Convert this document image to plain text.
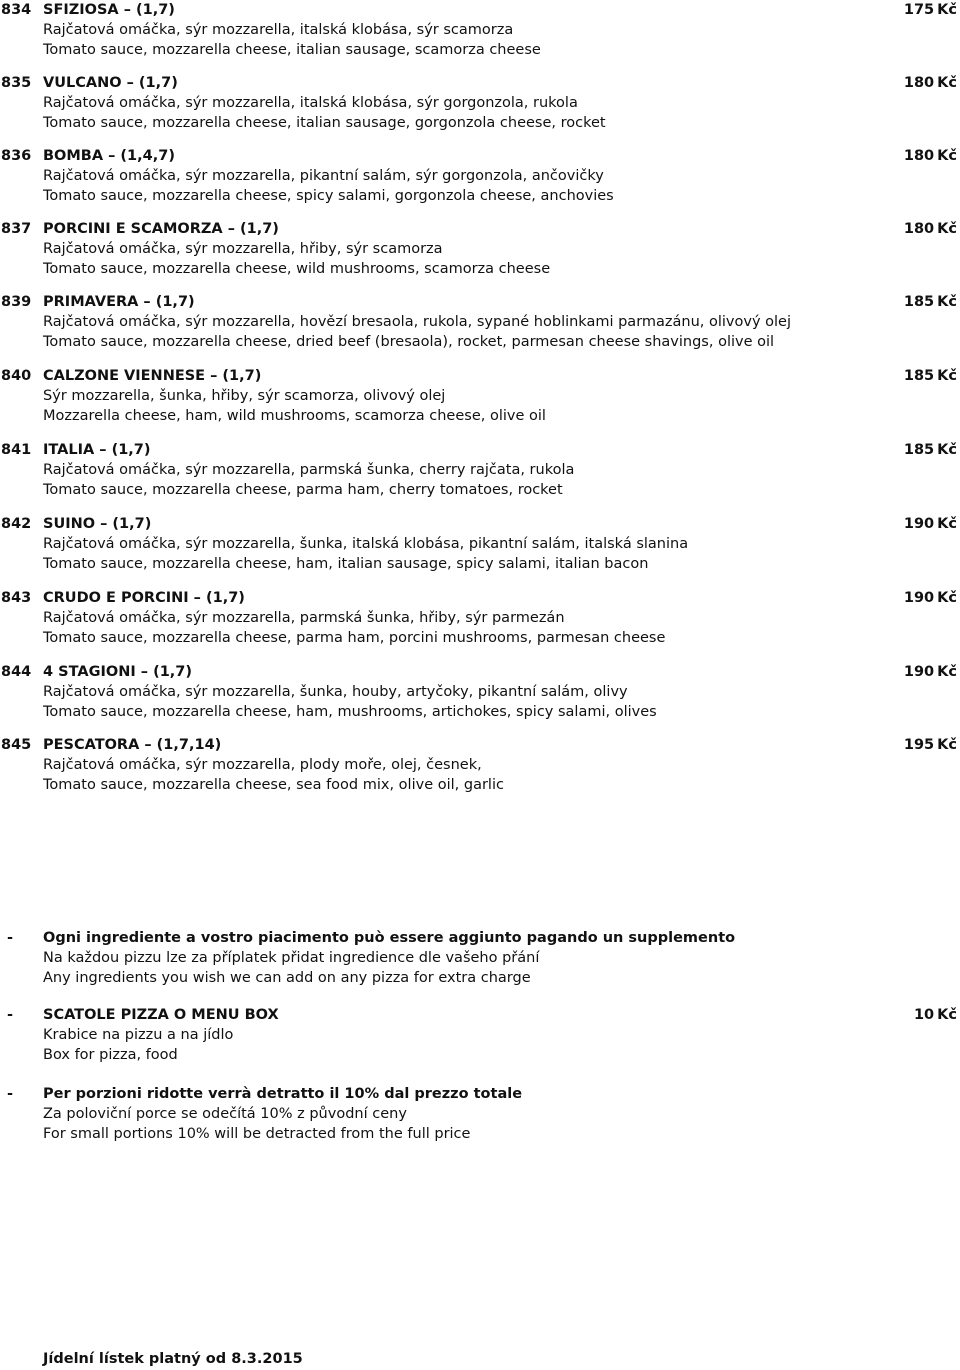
834 SFIZIOSA – (1,7)	175 Kč
Rajčatová omáčka, sýr mozzarella, italská klobása, sýr scamorza
Tomato sauce, mozzarella cheese, italian sausage, scamorza cheese
835 VULCANO – (1,7)	180 Kč
Rajčatová omáčka, sýr mozzarella, italská klobása, sýr gorgonzola, rukola
Tomato sauce, mozzarella cheese, italian sausage, gorgonzola cheese, rocket
836 BOMBA – (1,4,7)	180 Kč
Rajčatová omáčka, sýr mozzarella, pikantní salám, sýr gorgonzola, ančovičky
Tomato sauce, mozzarella cheese, spicy salami, gorgonzola cheese, anchovies
837 PORCINI E SCAMORZA – (1,7)	180 Kč
Rajčatová omáčka, sýr mozzarella, hřiby, sýr scamorza
Tomato sauce, mozzarella cheese, wild mushrooms, scamorza cheese
839 PRIMAVERA – (1,7)	185 Kč
Rajčatová omáčka, sýr mozzarella, hovězí bresaola, rukola, sypané hoblinkami parmazánu, olivový olej
Tomato sauce, mozzarella cheese, dried beef (bresaola), rocket, parmesan cheese shavings, olive oil
840 CALZONE VIENNESE – (1,7)	185 Kč
Sýr mozzarella, šunka, hřiby, sýr scamorza, olivový olej
Mozzarella cheese, ham, wild mushrooms, scamorza cheese, olive oil
841 ITALIA – (1,7)	185 Kč
Rajčatová omáčka, sýr mozzarella, parmská šunka, cherry rajčata, rukola
Tomato sauce, mozzarella cheese, parma ham, cherry tomatoes, rocket
842 SUINO – (1,7)	190 Kč
Rajčatová omáčka, sýr mozzarella, šunka, italská klobása, pikantní salám, italská slanina
Tomato sauce, mozzarella cheese, ham, italian sausage, spicy salami, italian bacon
843 CRUDO E PORCINI – (1,7)	190 Kč
Rajčatová omáčka, sýr mozzarella, parmská šunka, hřiby, sýr parmezán
Tomato sauce, mozzarella cheese, parma ham, porcini mushrooms, parmesan cheese
844 4 STAGIONI – (1,7)	190 Kč
Rajčatová omáčka, sýr mozzarella, šunka, houby, artyčoky, pikantní salám, olivy
Tomato sauce, mozzarella cheese, ham, mushrooms, artichokes, spicy salami, olives
845 PESCATORA – (1,7,14)	195 Kč
Rajčatová omáčka, sýr mozzarella, plody moře, olej, česnek,
Tomato sauce, mozzarella cheese, sea food mix, olive oil, garlic
- Ogni ingrediente a vostro piacimento può essere aggiunto pagando un supplemento
Na každou pizzu lze za příplatek přidat ingredience dle vašeho přání
Any ingredients you wish we can add on any pizza for extra charge
- SCATOLE PIZZA O MENU BOX	10 Kč
Krabice na pizzu a na jídlo
Box for pizza, food
- Per porzioni ridotte verrà detratto il 10% dal prezzo totale
Za poloviční porce se odečítá 10% z původní ceny
For small portions 10% will be detracted from the full price
Jídelní lístek platný od 8.3.2015
